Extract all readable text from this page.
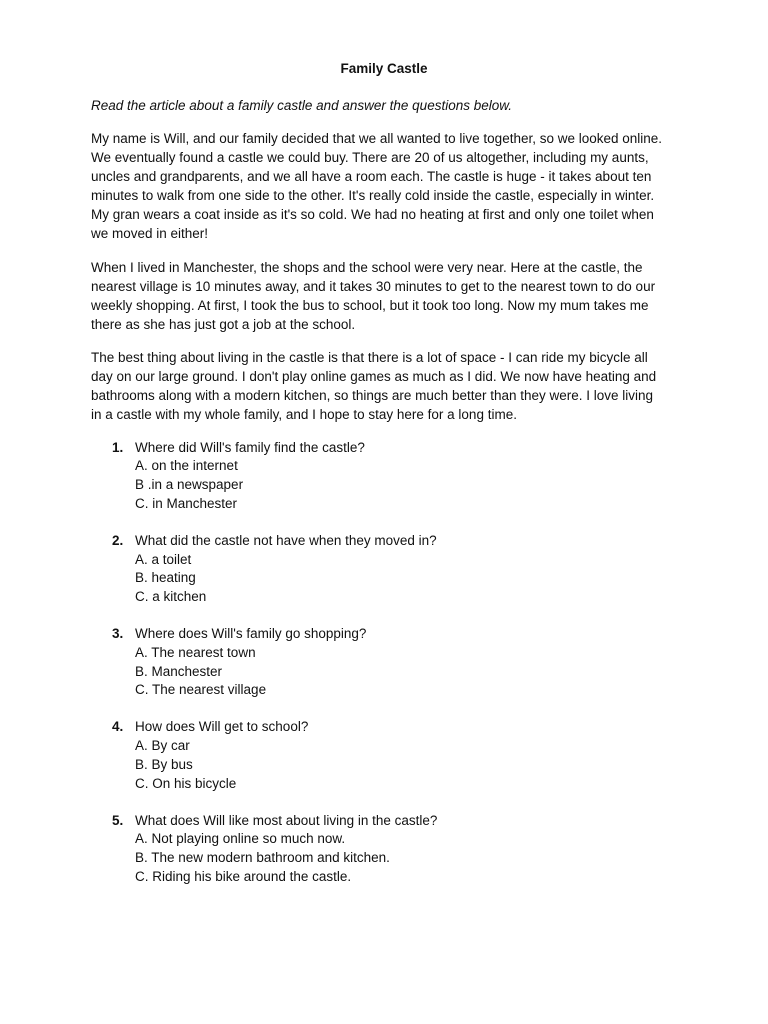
Family Castle
Read the article about a family castle and answer the questions below.
My name is Will, and our family decided that we all wanted to live together, so we looked online.
We eventually found a castle we could buy. There are 20 of us altogether, including my aunts,
uncles and grandparents, and we all have a room each. The castle is huge - it takes about ten
minutes to walk from one side to the other. It's really cold inside the castle, especially in winter.
My gran wears a coat inside as it's so cold. We had no heating at first and only one toilet when
we moved in either!
When I lived in Manchester, the shops and the school were very near. Here at the castle, the
nearest village is 10 minutes away, and it takes 30 minutes to get to the nearest town to do our
weekly shopping. At first, I took the bus to school, but it took too long. Now my mum takes me
there as she has just got a job at the school.
The best thing about living in the castle is that there is a lot of space - I can ride my bicycle all
day on our large ground. I don't play online games as much as I did. We now have heating and
bathrooms along with a modern kitchen, so things are much better than they were. I love living
in a castle with my whole family, and I hope to stay here for a long time.
1. Where did Will's family find the castle?
A. on the internet
B .in a newspaper
C. in Manchester
2. What did the castle not have when they moved in?
A. a toilet
B. heating
C. a kitchen
3. Where does Will's family go shopping?
A. The nearest town
B. Manchester
C. The nearest village
4. How does Will get to school?
A. By car
B. By bus
C. On his bicycle
5. What does Will like most about living in the castle?
A. Not playing online so much now.
B. The new modern bathroom and kitchen.
C. Riding his bike around the castle.
